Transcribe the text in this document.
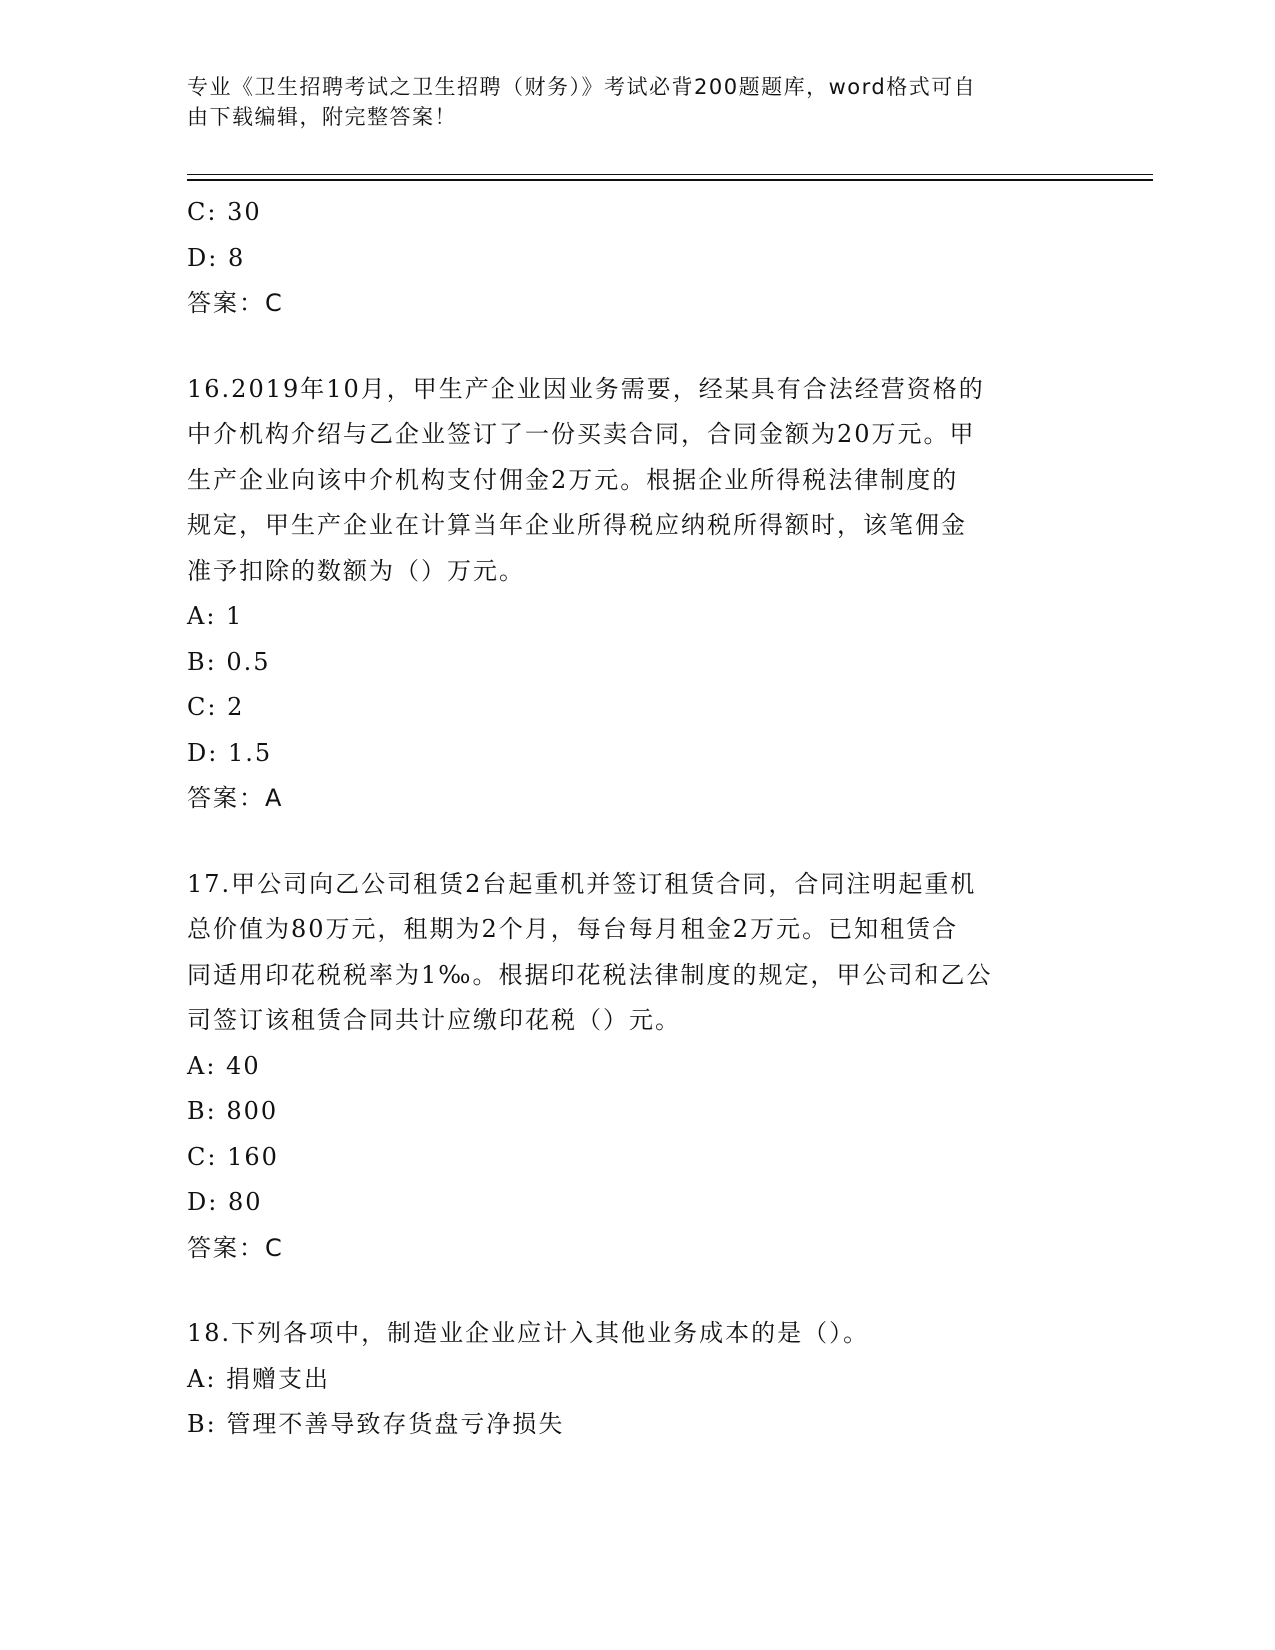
专业《卫生招聘考试之卫生招聘（财务）》考试必背200题题库，word格式可自
由下载编辑，附完整答案！
C: 30
D: 8
答案：C
16.2019年10月，甲生产企业因业务需要，经某具有合法经营资格的
中介机构介绍与乙企业签订了一份买卖合同，合同金额为20万元。甲
生产企业向该中介机构支付佣金2万元。根据企业所得税法律制度的
规定，甲生产企业在计算当年企业所得税应纳税所得额时，该笔佣金
准予扣除的数额为（）万元。
A: 1
B: 0.5
C: 2
D: 1.5
答案：A
17.甲公司向乙公司租赁2台起重机并签订租赁合同，合同注明起重机
总价值为80万元，租期为2个月，每台每月租金2万元。已知租赁合
同适用印花税税率为1‰。根据印花税法律制度的规定，甲公司和乙公
司签订该租赁合同共计应缴印花税（）元。
A: 40
B: 800
C: 160
D: 80
答案：C
18.下列各项中，制造业企业应计入其他业务成本的是（）。
A: 捐赠支出
B: 管理不善导致存货盘亏净损失
